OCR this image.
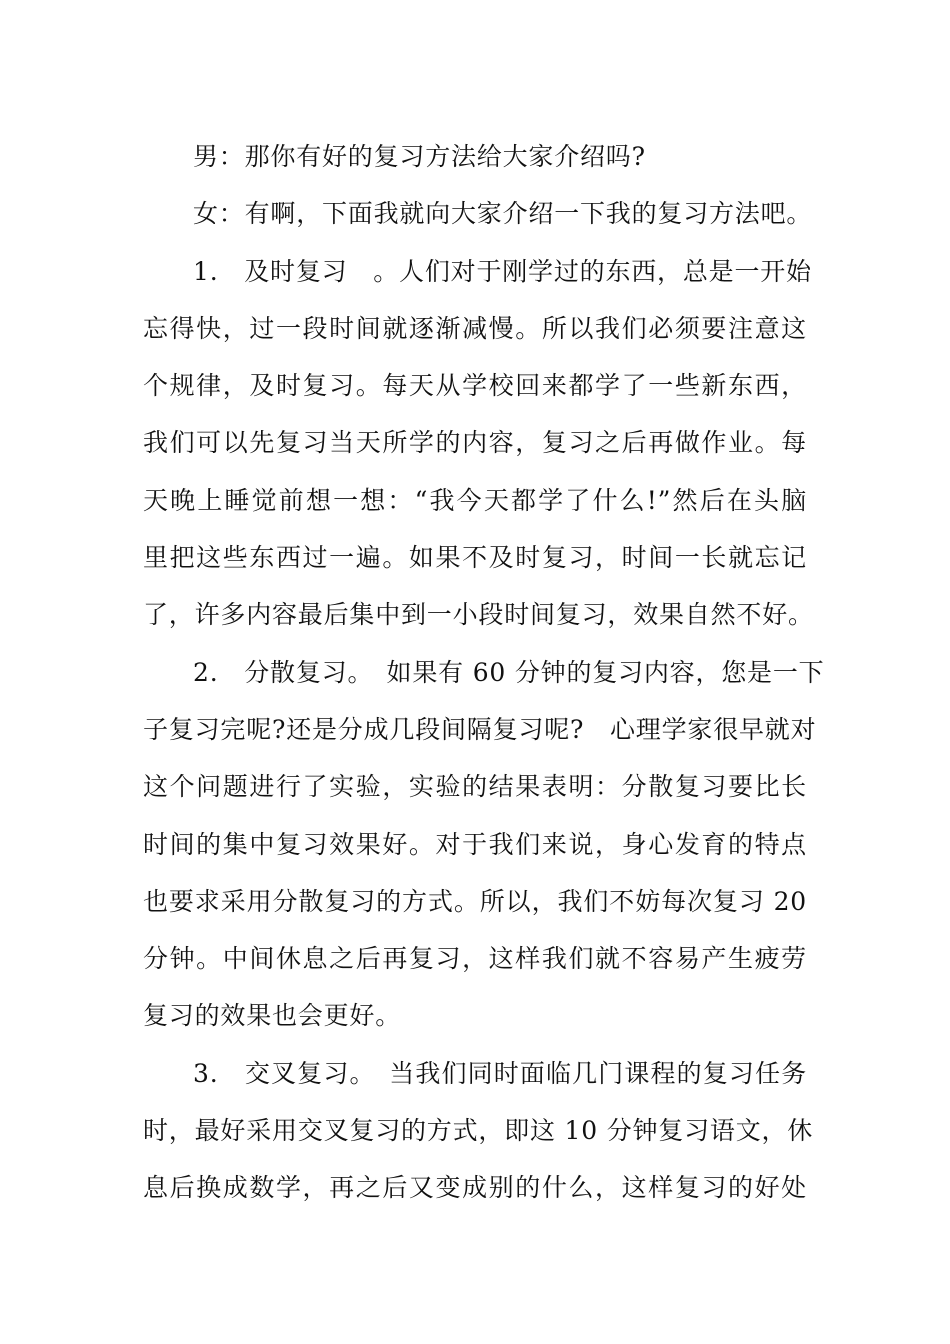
男：那你有好的复习方法给大家介绍吗?
女：有啊，下面我就向大家介绍一下我的复习方法吧。
1.　及时复习　。人们对于刚学过的东西，总是一开始
忘得快，过一段时间就逐渐减慢。所以我们必须要注意这
个规律，及时复习。每天从学校回来都学了一些新东西，
我们可以先复习当天所学的内容，复习之后再做作业。每
天晚上睡觉前想一想：“我今天都学了什么!”然后在头脑
里把这些东西过一遍。如果不及时复习，时间一长就忘记
了，许多内容最后集中到一小段时间复习，效果自然不好。
2.　分散复习。　如果有 60 分钟的复习内容，您是一下
子复习完呢?还是分成几段间隔复习呢?　心理学家很早就对
这个问题进行了实验，实验的结果表明：分散复习要比长
时间的集中复习效果好。对于我们来说，身心发育的特点
也要求采用分散复习的方式。所以，我们不妨每次复习 20
分钟。中间休息之后再复习，这样我们就不容易产生疲劳
复习的效果也会更好。
3.　交叉复习。　当我们同时面临几门课程的复习任务
时，最好采用交叉复习的方式，即这 10 分钟复习语文，休
息后换成数学，再之后又变成别的什么，这样复习的好处
